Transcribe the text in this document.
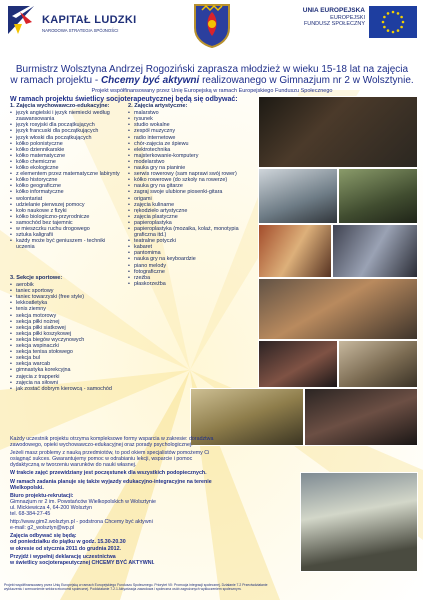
KAPITAŁ LUDZKI
NARODOWA STRATEGIA SPÓJNOŚCI
UNIA EUROPEJSKA
EUROPEJSKI
FUNDUSZ SPOŁECZNY
Burmistrz Wolsztyna Andrzej Rogoziński zaprasza młodzież w wieku 15-18 lat na zajęcia
w ramach projektu - Chcemy być aktywni realizowanego w Gimnazjum nr 2 w Wolsztynie.
Projekt współfinansowany przez Unię Europejską w ramach Europejskiego Funduszu Społecznego
W ramach projektu świetlicy socjoterapeutycznej będą się odbywać:
1. Zajęcia wychowawczo-edukacyjne:
• język angielski i język niemiecki według zaawansowania
• język rosyjski dla początkujących
• język francuski dla początkujących
• język włoski dla początkujących
• kółko polonistyczne
• kółko dziennikarskie
• kółko matematyczne
• kółko chemiczne
• kółko ekologiczne
• z elementem przez matematyczne labirynty
• kółko historyczne
• kółko geograficzne
• kółko informatyczne
• wolontariat
• udzielanie pierwszej pomocy
• koło naukowe z fizyki
• kółko biologiczno-przyrodnicze
• samochód bez tajemnic
• w mieszczku ruchu drogowego
• sztuka kaligrafii
• każdy może być geniuszem - techniki uczenia
2. Zajęcia artystyczne:
• malarstwo
• rysunek
• studio wokalne
• zespół muzyczny
• radio internetowe
• chór-zajęcia ze śpiewu
• elektrotechnika
• majsterkowanie-komputery
• modelarstwo
• nauka gry na pianinie
• serwis rowerowy (sam naprawi swój rower)
• kółko rowerowe (do szkoły na rowerze)
• nauka gry na gitarze
• zagraj swoje ulubione piosenki-gitara
• origami
• zajęcia kulinarne
• rękodzieło artystyczne
• zajęcia plastyczne
• papieroplastyka
• papieroplastyka (mozaika, kolaż, monotypia graficzna itd.)
• teatralne potyczki
• kabaret
• pantomima
• nauka gry na keyboardzie
• piano melody
• fotograficzne
• rzeźba
• płaskorzeźba
3. Sekcje sportowe:
• aerobik
• taniec sportowy
• taniec towarzyski (free style)
• lekkoatletyka
• tenis ziemny
• sekcja motorowy
• sekcja piłki nożnej
• sekcja piłki siatkowej
• sekcja piłki koszykowej
• sekcja biegów wyczynowych
• sekcja wspinaczki
• sekcja tenisa stołowego
• sekcja bul
• sekcja warcab
• gimnastyka korekcyjna
• zajęcia z trapperki
• zajęcia na siłowni
• jak zostać dobrym kierowcą - samochód

Każdy uczestnik projektu otrzyma kompleksowe formy wsparcia w zakresie: doradztwa zawodowego, opieki wychowawczo-edukacyjnej oraz porady psychologicznej.

Jeżeli masz problemy z nauką przedmiotów, to pod okiem specjalistów pomożemy Ci osiągnąć sukces. Gwarantujemy pomoc w odrabianiu lekcji, wsparcie i pomoc dydaktyczną w tworzeniu warunków do nauki własnej.

W trakcie zajęć przewidziany jest poczęstunek dla wszystkich podopiecznych.

W ramach zadania planuje się także wyjazdy edukacyjno-integracyjne na terenie Wielkopolski.

Biuro projektu-rekrutacji:

Gimnazjum nr 2 im. Powstańców Wielkopolskich w Wolsztynie

ul. Mickiewicza 4, 64-200 Wolsztyn

tel. 68-384-27-45

http://www.gim2.wolsztyn.pl - podstrona Chcemy być aktywni

e-mail: g2_wolsztyn@wp.pl

Zajęcia odbywać się będą:

od poniedziałku do piątku w godz. 15.30-20.30

w okresie od stycznia 2011 do grudnia 2012.

Przyjdź i wypełnij deklarację uczestnictwa

w świetlicy socjoterapeutycznej CHCEMY BYĆ AKTYWNI.

Projekt współfinansowany przez Unię Europejską w ramach Europejskiego Funduszu Społecznego. Priorytet VII: Promocja integracji społecznej. Działanie 7.2 Przeciwdziałanie
wykluczeniu i wzmocnienie sektora ekonomii społecznej. Poddziałanie 7.2.1 Aktywizacja zawodowa i społeczna osób zagrożonych wykluczeniem społecznym.
